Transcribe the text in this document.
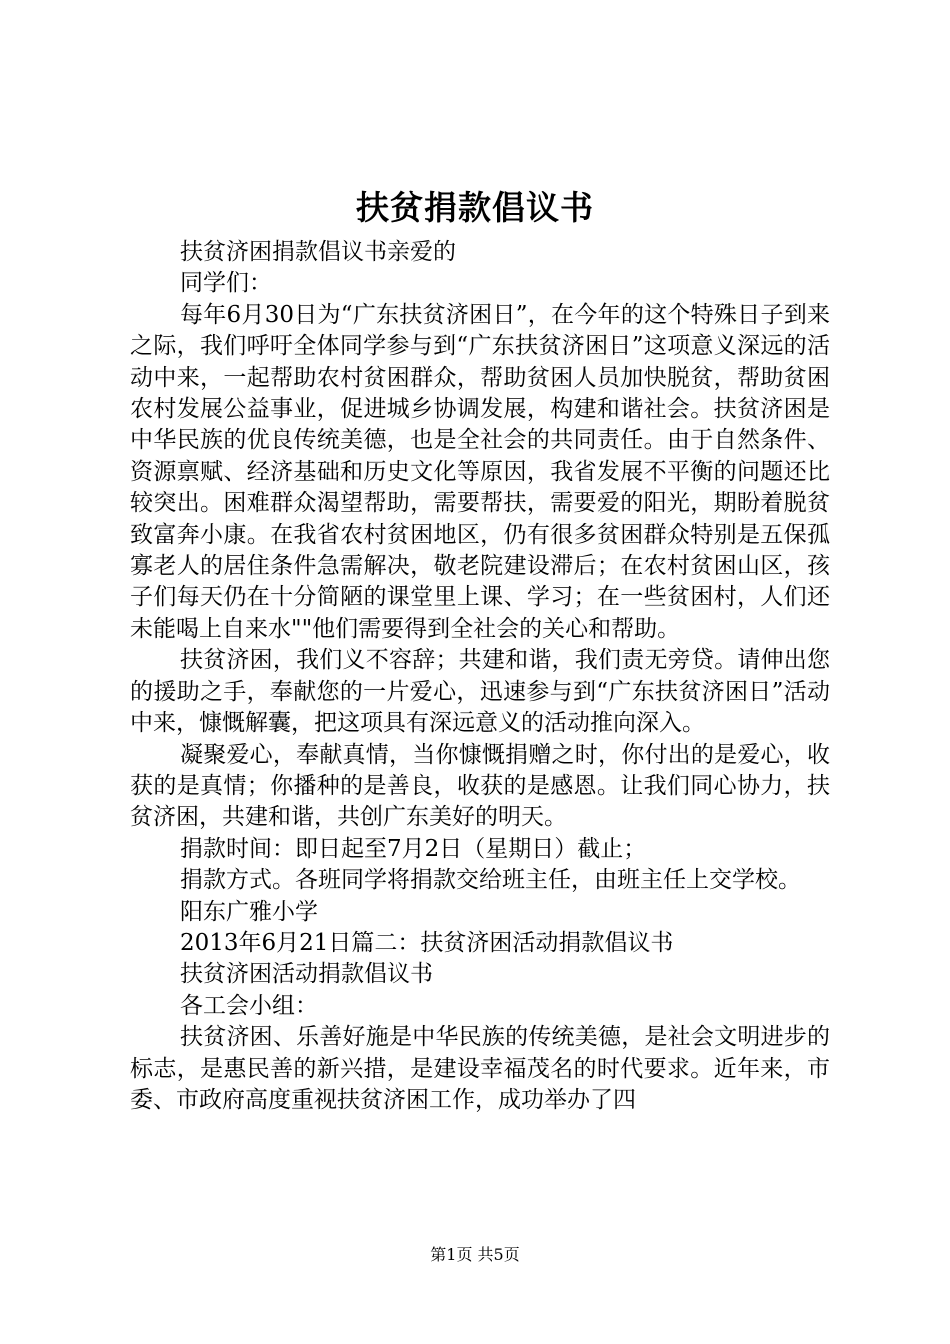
扶贫捐款倡议书

扶贫济困捐款倡议书亲爱的

同学们：

每年6月30日为“广东扶贫济困日”，在今年的这个特殊日子到来之际，我们呼吁全体同学参与到“广东扶贫济困日”这项意义深远的活动中来，一起帮助农村贫困群众，帮助贫困人员加快脱贫，帮助贫困农村发展公益事业，促进城乡协调发展，构建和谐社会。扶贫济困是中华民族的优良传统美德，也是全社会的共同责任。由于自然条件、资源禀赋、经济基础和历史文化等原因，我省发展不平衡的问题还比较突出。困难群众渴望帮助，需要帮扶，需要爱的阳光，期盼着脱贫致富奔小康。在我省农村贫困地区，仍有很多贫困群众特别是五保孤寡老人的居住条件急需解决，敬老院建设滞后；在农村贫困山区，孩子们每天仍在十分简陋的课堂里上课、学习；在一些贫困村，人们还未能喝上自来水""他们需要得到全社会的关心和帮助。

扶贫济困，我们义不容辞；共建和谐，我们责无旁贷。请伸出您的援助之手，奉献您的一片爱心，迅速参与到“广东扶贫济困日”活动中来，慷慨解囊，把这项具有深远意义的活动推向深入。

凝聚爱心，奉献真情，当你慷慨捐赠之时，你付出的是爱心，收获的是真情；你播种的是善良，收获的是感恩。让我们同心协力，扶贫济困，共建和谐，共创广东美好的明天。

捐款时间：即日起至7月2日（星期日）截止；

捐款方式。各班同学将捐款交给班主任，由班主任上交学校。

阳东广雅小学

2013年6月21日篇二：扶贫济困活动捐款倡议书

扶贫济困活动捐款倡议书

各工会小组：

扶贫济困、乐善好施是中华民族的传统美德，是社会文明进步的标志，是惠民善的新兴措，是建设幸福茂名的时代要求。近年来，市委、市政府高度重视扶贫济困工作，成功举办了四

第1页 共5页
